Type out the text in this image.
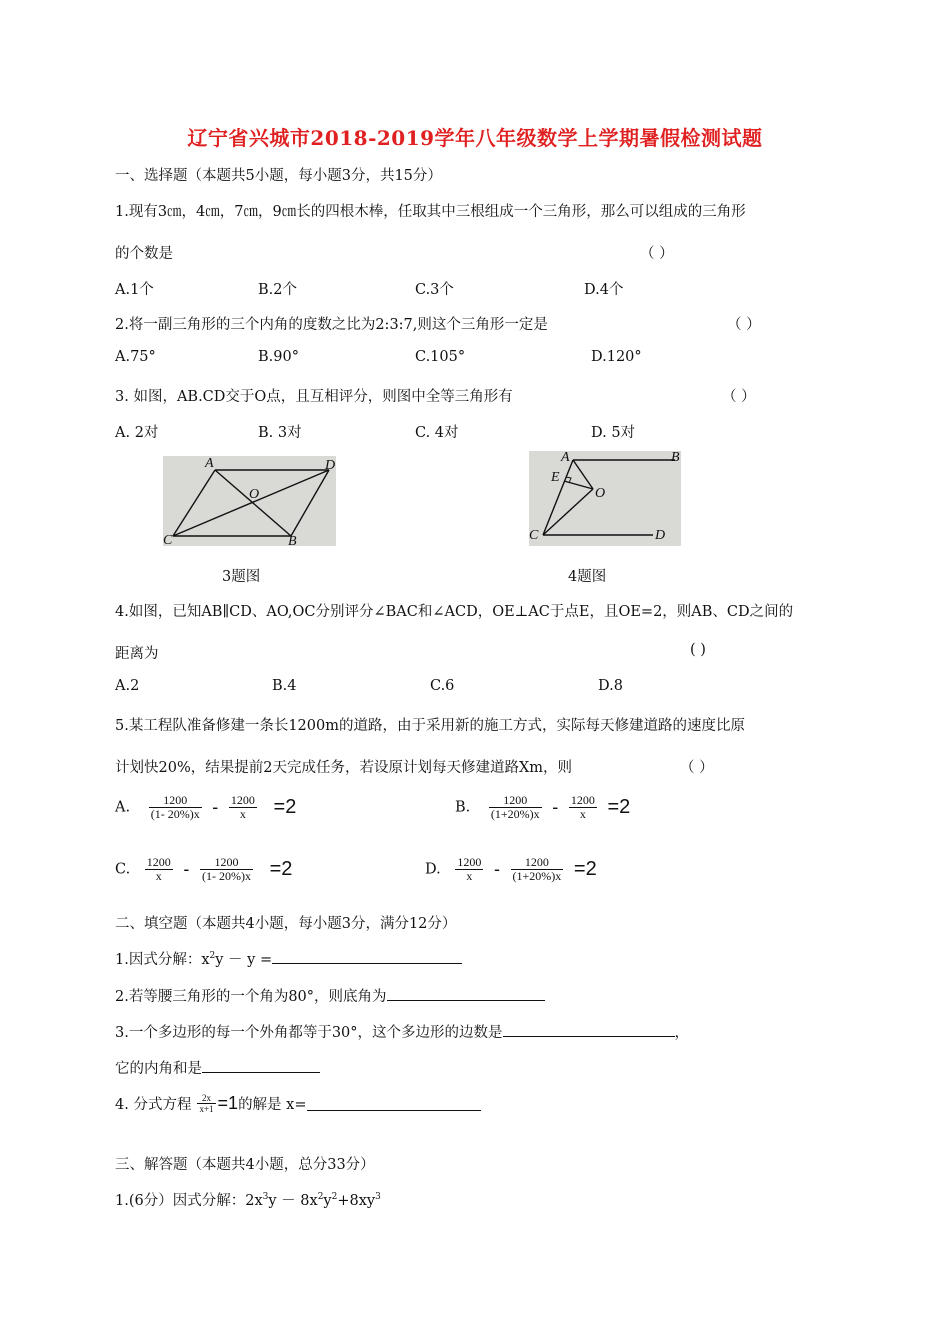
辽宁省兴城市2018-2019学年八年级数学上学期暑假检测试题
一、选择题（本题共5小题，每小题3分，共15分）
1.现有3㎝，4㎝，7㎝，9㎝长的四根木棒，任取其中三根组成一个三角形，那么可以组成的三角形
的个数是	（ ）
A.1个	B.2个	C.3个	D.4个
2.将一副三角形的三个内角的度数之比为2:3:7,则这个三角形一定是	（ ）
A.75°	B.90°	C.105°	D.120°
3. 如图，AB.CD交于O点，且互相评分，则图中全等三角形有	（ ）
A. 2对	B. 3对	C. 4对	D. 5对
A	D
O
C	B
A	B
E
O
C	D
3题图	4题图
4.如图，已知AB∥CD、AO,OC分别评分∠BAC和∠ACD，OE⊥AC于点E，且OE=2，则AB、CD之间的
距离为	( )
A.2	B.4	C.6	D.8
5.某工程队准备修建一条长1200m的道路，由于采用新的施工方式，实际每天修建道路的速度比原
计划快20%，结果提前2天完成任务，若设原计划每天修建道路Xm，则	（ ）
A. $\frac{1200}{(1- 20\%)x} - \frac{1200}{x} =2$	B. $\frac{1200}{(1+20\%)x} - \frac{1200}{x} =2$
C. $\frac{1200}{x} - \frac{1200}{(1- 20\%)x} =2$	D. $\frac{1200}{x} - \frac{1200}{(1+20\%)x} =2$
二、填空题（本题共4小题，每小题3分，满分12分）
1.因式分解：$x^2y - y$ =
2.若等腰三角形的一个角为80°，则底角为
3.一个多边形的每一个外角都等于30°，这个多边形的边数是	，
它的内角和是
4. 分式方程 $\frac{2x}{x+1} =1$的解是 x=
三、解答题（本题共4小题，总分33分）
1.(6分）因式分解：$2x^3y - 8x^2y^2+8xy^3$
